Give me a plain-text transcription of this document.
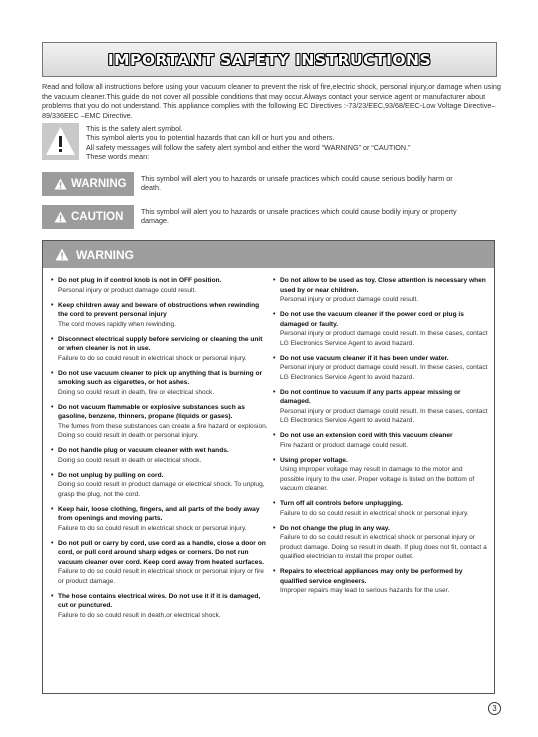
IMPORTANT SAFETY INSTRUCTIONS
Read and follow all instructions before using your vacuum cleaner to prevent the risk of fire,electric shock, personal injury,or damage when using the vacuum cleaner.This guide do not cover all possible conditions that may occur.Always contact your service agent or manufacturer about problems that you do not understand. This appliance complies with the following EC Directives :-73/23/EEC,93/68/EEC-Low Voltage Directive–89/336EEC –EMC Directive.
This is the safety alert symbol.
This symbol alerts you to potential hazards that can kill or hurt you and others.
All safety messages will follow the safety alert symbol and either the word “WARNING” or “CAUTION.”
These words mean:
WARNING This symbol will alert you to hazards or unsafe practices which could cause serious bodily harm or death.
CAUTION This symbol will alert you to hazards or unsafe practices which could cause bodily injury or property damage.
WARNING
• Do not plug in if control knob is not in OFF position.
Personal injury or product damage could result.
• Keep children away and beware of obstructions when rewinding the cord to prevent personal injury
The cord moves rapidly when rewinding.
• Disconnect electrical supply before servicing or cleaning the unit or when cleaner is not in use.
Failure to do so could result in electrical shock or personal injury.
• Do not use vacuum cleaner to pick up anything that is burning or smoking such as cigarettes, or hot ashes.
Doing so could result in death, fire or electrical shock.
• Do not vacuum flammable or explosive substances such as gasoline, benzene, thinners, propane (liquids or gases).
The fumes from these substances can create a fire hazard or explosion. Doing so could result in death or personal injury.
• Do not handle plug or vacuum cleaner with wet hands.
Doing so could result in death or electrical shock.
• Do not unplug by pulling on cord.
Doing so could result in product damage or electrical shock. To unplug, grasp the plug, not the cord.
• Keep hair, loose clothing, fingers, and all parts of the body away from openings and moving parts.
Failure to do so could result in electrical shock or personal injury.
• Do not pull or carry by cord, use cord as a handle, close a door on cord, or pull cord around sharp edges or corners. Do not run vacuum cleaner over cord. Keep cord away from heated surfaces.
Failure to do so could result in electrical shock or personal injury or fire or product damage.
• The hose contains electrical wires. Do not use it if it is damaged, cut or punctured.
Failure to do so could result in death,or electrical shock.
• Do not allow to be used as toy. Close attention is necessary when used by or near children.
Personal injury or product damage could result.
• Do not use the vacuum cleaner if the power cord or plug is damaged or faulty.
Personal injury or product damage could result. In these cases, contact LG Electronics Service Agent to avoid hazard.
• Do not use vacuum cleaner if it has been under water.
Personal injury or product damage could result. In these cases, contact LG Electronics Service Agent to avoid hazard.
• Do not continue to vacuum if any parts appear missing or damaged.
Personal injury or product damage could result. In these cases, contact LG Electronics Service Agent to avoid hazard.
• Do not use an extension cord with this vacuum cleaner
Fire hazard or product damage could result.
• Using proper voltage.
Using improper voltage may result in damage to the motor and possible injury to the user. Proper voltage is listed on the bottom of vacuum cleaner.
• Turn off all controls before unplugging.
Failure to do so could result in electrical shock or personal injury.
• Do not change the plug in any way.
Failure to do so could result in electrical shock or personal injury or product damage. Doing so result in death. If plug does not fit, contact a qualified electrician to install the proper outlet.
• Repairs to electrical appliances may only be performed by qualified service engineers.
Improper repairs may lead to serious hazards for the user.
3
